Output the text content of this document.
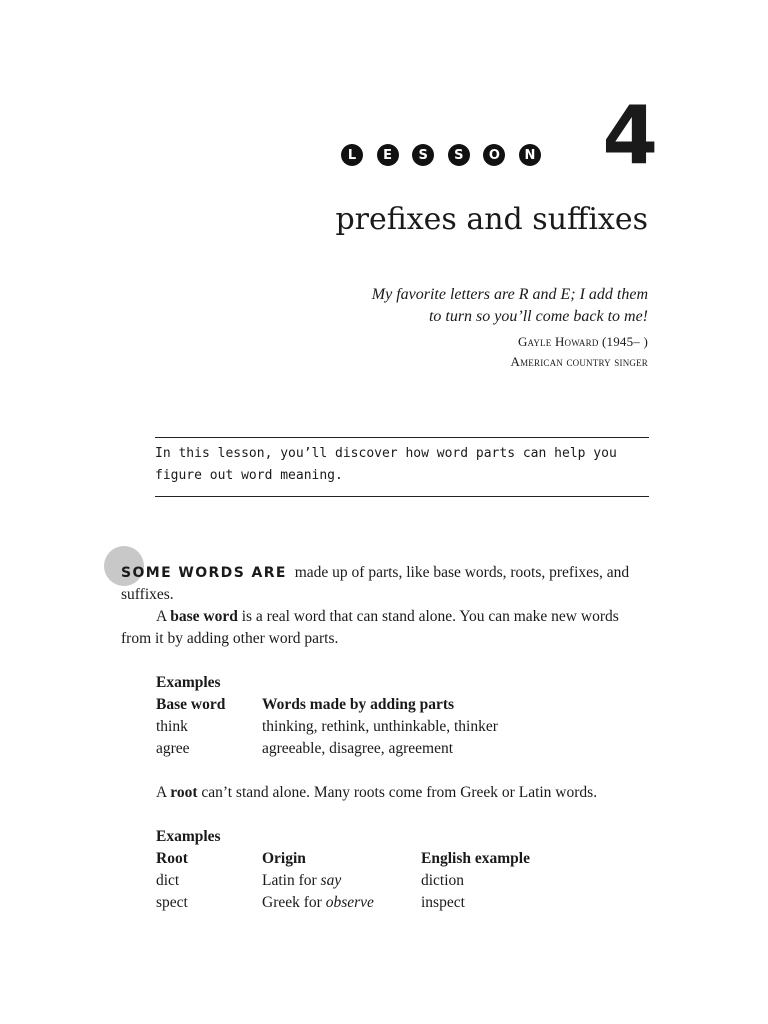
L	E	S	S	O	N 4
prefixes and suffixes
My favorite letters are R and E; I add them
to turn so you’ll come back to me!
Gayle Howard (1945– )
American country singer

In this lesson, you’ll discover how word parts can help you figure out word meaning.

SOME WORDS ARE made up of parts, like base words, roots, prefixes, and suffixes.

A base word is a real word that can stand alone. You can make new words from it by adding other word parts.

Examples
Base word	Words made by adding parts
think	thinking, rethink, unthinkable, thinker
agree	agreeable, disagree, agreement

A root can’t stand alone. Many roots come from Greek or Latin words.

Examples
Root	Origin	English example
dict	Latin for say	diction
spect	Greek for observe	inspect
